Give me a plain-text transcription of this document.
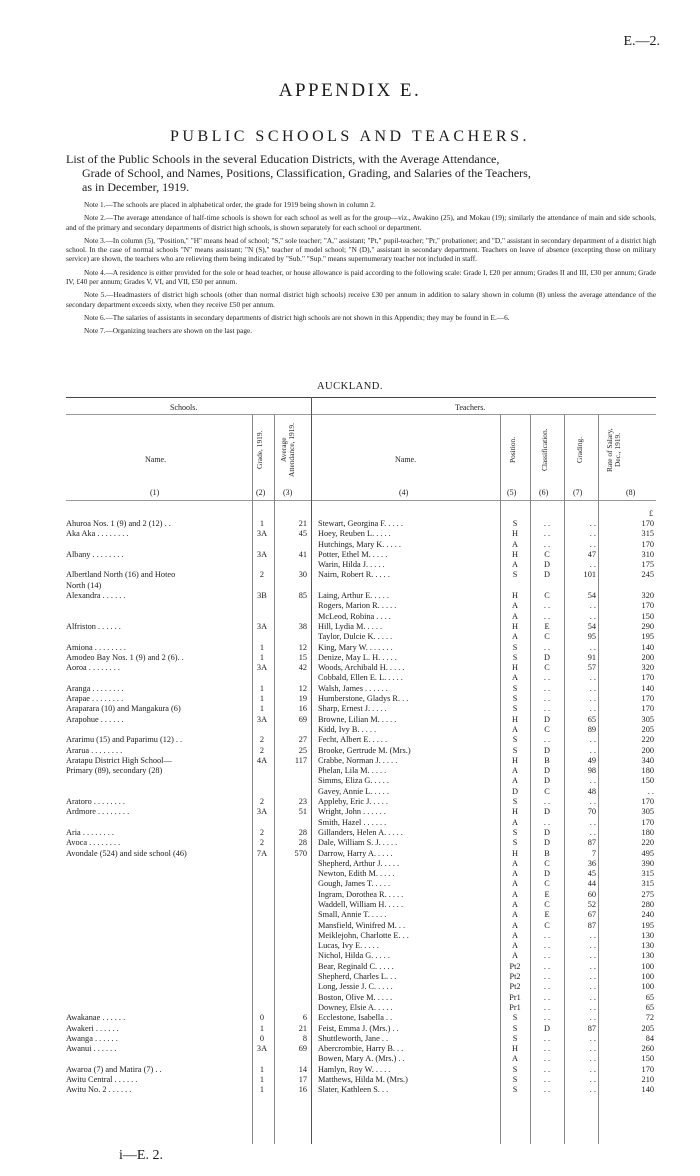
E.—2.
APPENDIX E.
PUBLIC SCHOOLS AND TEACHERS.
List of the Public Schools in the several Education Districts, with the Average Attendance,
Grade of School, and Names, Positions, Classification, Grading, and Salaries of the Teachers,
as in December, 1919.

Note 1.—The schools are placed in alphabetical order, the grade for 1919 being shown in column 2.

Note 2.—The average attendance of half-time schools is shown for each school as well as for the group—viz., Awakino (25), and Mokau (19); similarly the attendance of main and side schools, and of the primary and secondary departments of district high schools, is shown separately for each school or department.

Note 3.—In column (5), "Position," "H" means head of school; "S," sole teacher; "A," assistant; "Pt," pupil-teacher; "Pr," probationer; and "D," assistant in secondary department of a district high school. In the case of normal schools "N" means assistant; "N (S)," teacher of model school; "N (D)," assistant in secondary department. Teachers on leave of absence (excepting those on military service) are shown, the teachers who are relieving them being indicated by "Sub." "Sup." means supernumerary teacher not included in staff.

Note 4.—A residence is either provided for the sole or head teacher, or house allowance is paid according to the following scale: Grade I, £20 per annum; Grades II and III, £30 per annum; Grade IV, £40 per annum; Grades V, VI, and VII, £50 per annum.

Note 5.—Headmasters of district high schools (other than normal district high schools) receive £30 per annum in addition to salary shown in column (8) unless the average attendance of the secondary department exceeds sixty, when they receive £50 per annum.

Note 6.—The salaries of assistants in secondary departments of district high schools are not shown in this Appendix; they may be found in E.—6.

Note 7.—Organizing teachers are shown on the last page.

AUCKLAND.
Schools.	Teachers.
Name.	Grade, 1919. Average Attendance, 1919.	Name.	Position.	Classification.	Grading.	Rate of Salary, Dec., 1919.
(1)	(2) (3)	(4)	(5)	(6)	(7)	(8)
£
Ahuroa Nos. 1 (9) and 2 (12) . .	1	21 Stewart, Georgina F. . . . .	S	. .	. .	170
Aka Aka . . . . . . . .	3A	45 Hoey, Reuben L. . . . .	H	. .	. .	315
Hutchings, Mary K. . . . .	A	. .	. .	170
Albany . . . . . . . .	3A	41 Potter, Ethel M. . . . .	H	C	47	310
Warin, Hilda J. . . . .	A	D	. .	175
Albertland North (16) and Hoteo	2	30 Nairn, Robert R. . . . .	S	D	101	245
North (14)
Alexandra . . . . . .	3B	85 Laing, Arthur E. . . . .	H	C	54	320
Rogers, Marion R. . . . .	A	. .	. .	170
McLeod, Robina . . . .	A	. .	. .	150
Alfriston . . . . . .	3A	38 Hill, Lydia M. . . . .	H	E	54	290
Taylor, Dulcie K. . . . .	A	C	95	195
Amiona . . . . . . . .	1	12 King, Mary W. . . . . . .	S	. .	. .	140
Amodeo Bay Nos. 1 (9) and 2 (6). .	1	15 Denize, May L. H. . . . .	S	D	91	200
Aoroa . . . . . . . .	3A	42 Woods, Archibald H. . . . .	H	C	57	320
Cobbald, Ellen E. L. . . . .	A	. .	. .	170
Aranga . . . . . . . .	1	12 Walsh, James . . . . . .	S	. .	. .	140
Arapae . . . . . . . .	1	19 Humberstone, Gladys R. . .	S	. .	. .	170
Araparara (10) and Mangakura (6)	1	16 Sharp, Ernest J. . . . .	S	. .	. .	170
Arapohue . . . . . .	3A	69 Browne, Lilian M. . . . .	H	D	65	305
Kidd, Ivy B. . . . .	A	C	89	205
Ararimu (15) and Paparimu (12) . .	2	27 Fecht, Albert E. . . . .	S	. .	. .	220
Ararua . . . . . . . .	2	25 Brooke, Gertrude M. (Mrs.)	S	D	. .	200
Aratapu District High School—	4A	117 Crabbe, Norman J. . . . .	H	B	49	340
Primary (89), secondary (28)	Phelan, Lila M. . . . .	A	D	98	180
Simms, Eliza G. . . . .	A	D	. .	150
Gavey, Annie L. . . . .	D	C	48	. .
Aratoro . . . . . . . .	2	23 Appleby, Eric J. . . . .	S	. .	. .	170
Ardmore . . . . . . . .	3A	51 Wright, John . . . . . .	H	D	70	305
Smith, Hazel . . . . . .	A	. .	. .	170
Aria . . . . . . . .	2	28 Gillanders, Helen A. . . . .	S	D	. .	180
Avoca . . . . . . . .	2	28 Dale, William S. J. . . . .	S	D	87	220
Avondale (524) and side school (46)	7A	570 Darrow, Harry A. . . . .	H	B	7	495
Shepherd, Arthur J. . . . .	A	C	36	390
Newton, Edith M. . . . .	A	D	45	315
Gough, James T. . . . .	A	C	44	315
Ingram, Dorothea R. . . . .	A	E	60	275
Waddell, William H. . . . .	A	C	52	280
Small, Annie T. . . . .	A	E	67	240
Mansfield, Winifred M. . .	A	C	87	195
Meiklejohn, Charlotte E. . .	A	. .	. .	130
Lucas, Ivy E. . . . .	A	. .	. .	130
Nichol, Hilda G. . . . .	A	. .	. .	130
Bear, Reginald C. . . . .	Pt2	. .	. .	100
Shepherd, Charles L. . .	Pt2	. .	. .	100
Long, Jessie J. C. . . . .	Pt2	. .	. .	100
Boston, Olive M. . . . .	Pr1	. .	. .	65
Downey, Elsie A. . . . .	Pr1	. .	. .	65
Awakanae . . . . . .	0	6 Ecclestone, Isabella . .	S	. .	. .	72
Awakeri . . . . . .	1	21 Feist, Emma J. (Mrs.) . .	S	D	87	205
Awanga . . . . . .	0	8 Shuttleworth, Jane . .	S	. .	. .	84
Awanui . . . . . .	3A	69 Abercrombie, Harry B. . .	H	. .	. .	260
Bowen, Mary A. (Mrs.) . .	A	. .	. .	150
Awaroa (7) and Matira (7) . .	1	14 Hamlyn, Roy W. . . . .	S	. .	. .	170
Awitu Central . . . . . .	1	17 Matthews, Hilda M. (Mrs.)	S	. .	. .	210
Awitu No. 2 . . . . . .	1	16 Slater, Kathleen S. . .	S	. .	. .	140
i—E. 2.
